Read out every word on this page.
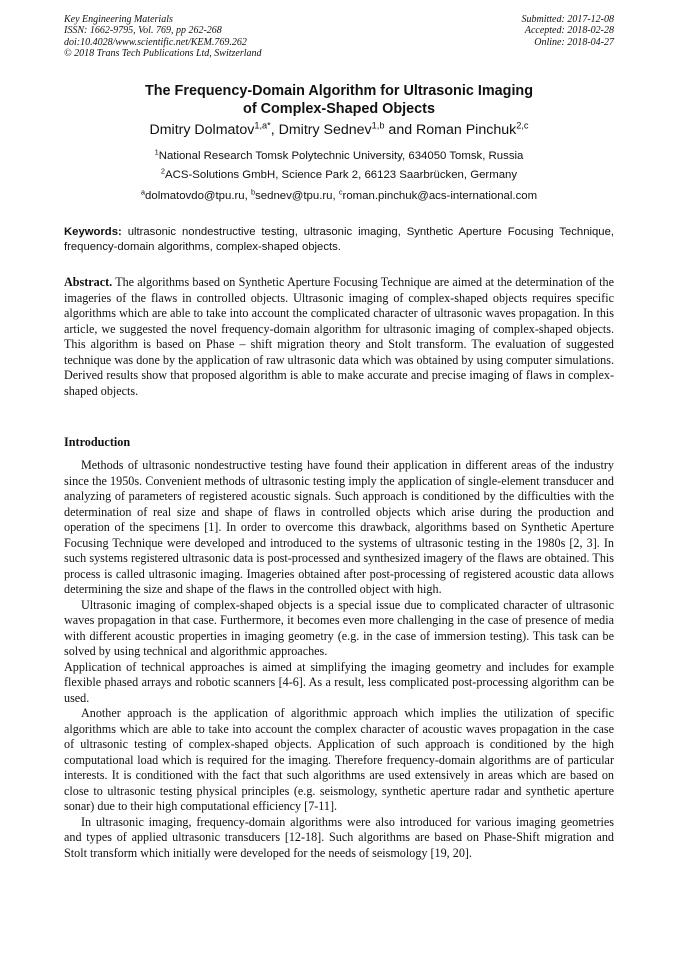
Key Engineering Materials
ISSN: 1662-9795, Vol. 769, pp 262-268
doi:10.4028/www.scientific.net/KEM.769.262
© 2018 Trans Tech Publications Ltd, Switzerland
Submitted: 2017-12-08
Accepted: 2018-02-28
Online: 2018-04-27
The Frequency-Domain Algorithm for Ultrasonic Imaging
of Complex-Shaped Objects
Dmitry Dolmatov$^{1,a*}$, Dmitry Sednev$^{1,b}$ and Roman Pinchuk$^{2,c}$
$^1$National Research Tomsk Polytechnic University, 634050 Tomsk, Russia
$^2$ACS-Solutions GmbH, Science Park 2, 66123 Saarbrücken, Germany
$^a$dolmatovdo@tpu.ru, $^b$sednev@tpu.ru, $^c$roman.pinchuk@acs-international.com
Keywords: ultrasonic nondestructive testing, ultrasonic imaging, Synthetic Aperture Focusing Technique, frequency-domain algorithms, complex-shaped objects.
Abstract. The algorithms based on Synthetic Aperture Focusing Technique are aimed at the determination of the imageries of the flaws in controlled objects. Ultrasonic imaging of complex-shaped objects requires specific algorithms which are able to take into account the complicated character of ultrasonic waves propagation. In this article, we suggested the novel frequency-domain algorithm for ultrasonic imaging of complex-shaped objects. This algorithm is based on Phase – shift migration theory and Stolt transform. The evaluation of suggested technique was done by the application of raw ultrasonic data which was obtained by using computer simulations. Derived results show that proposed algorithm is able to make accurate and precise imaging of flaws in complex-shaped objects.
Introduction

Methods of ultrasonic nondestructive testing have found their application in different areas of the industry since the 1950s. Convenient methods of ultrasonic testing imply the application of single-element transducer and analyzing of parameters of registered acoustic signals. Such approach is conditioned by the difficulties with the determination of real size and shape of flaws in controlled objects which arise during the production and operation of the specimens [1]. In order to overcome this drawback, algorithms based on Synthetic Aperture Focusing Technique were developed and introduced to the systems of ultrasonic testing in the 1980s [2, 3]. In such systems registered ultrasonic data is post-processed and synthesized imagery of the flaws are obtained. This process is called ultrasonic imaging. Imageries obtained after post-processing of registered acoustic data allows determining the size and shape of the flaws in the controlled object with high.

Ultrasonic imaging of complex-shaped objects is a special issue due to complicated character of ultrasonic waves propagation in that case. Furthermore, it becomes even more challenging in the case of presence of media with different acoustic properties in imaging geometry (e.g. in the case of immersion testing). This task can be solved by using technical and algorithmic approaches.

Application of technical approaches is aimed at simplifying the imaging geometry and includes for example flexible phased arrays and robotic scanners [4-6]. As a result, less complicated post-processing algorithm can be used.

Another approach is the application of algorithmic approach which implies the utilization of specific algorithms which are able to take into account the complex character of acoustic waves propagation in the case of ultrasonic testing of complex-shaped objects. Application of such approach is conditioned by the high computational load which is required for the imaging. Therefore frequency-domain algorithms are of particular interests. It is conditioned with the fact that such algorithms are used extensively in areas which are based on close to ultrasonic testing physical principles (e.g. seismology, synthetic aperture radar and synthetic aperture sonar) due to their high computational efficiency [7-11].

In ultrasonic imaging, frequency-domain algorithms were also introduced for various imaging geometries and types of applied ultrasonic transducers [12-18]. Such algorithms are based on Phase-Shift migration and Stolt transform which initially were developed for the needs of seismology [19, 20].
